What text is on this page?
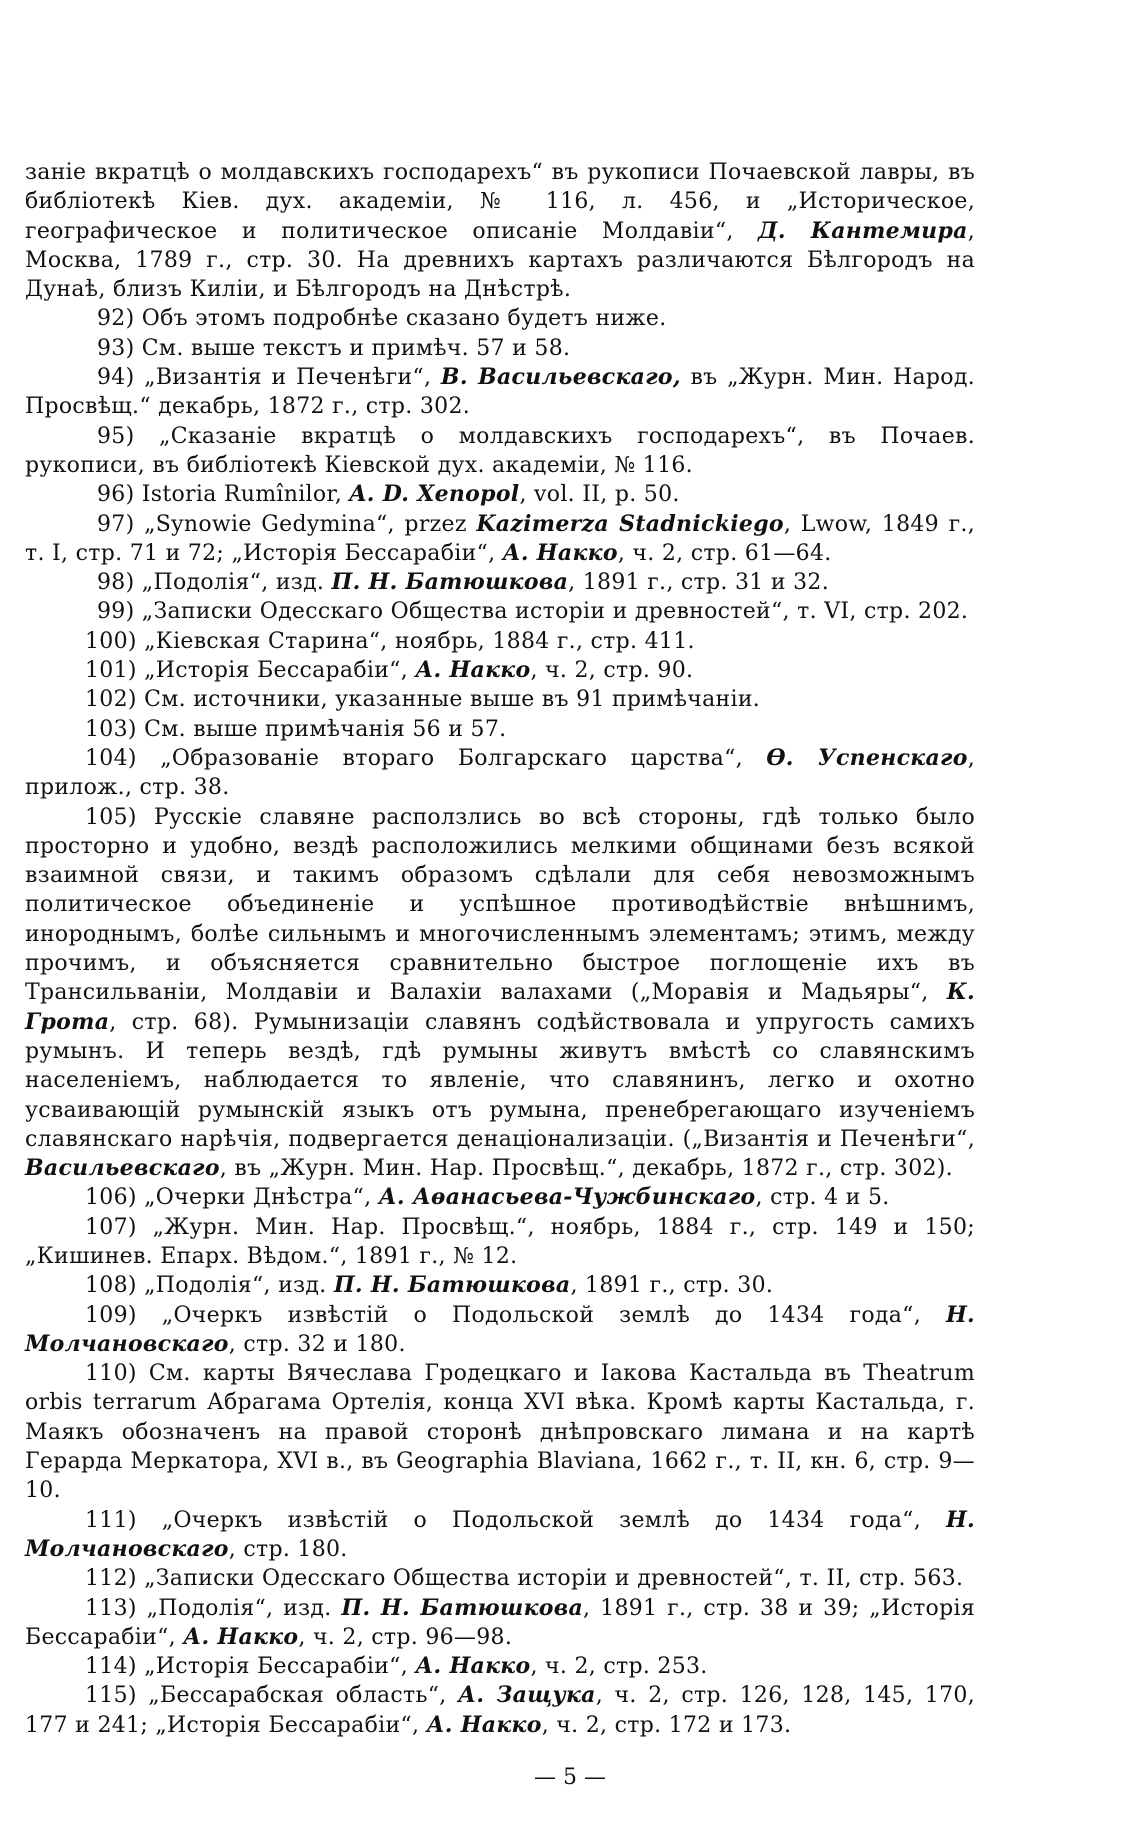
заніе вкратцѣ о молдавскихъ господарехъ“ въ рукописи Почаевской лавры, въ библіотекѣ Кіев. дух. академіи, № 116, л. 456, и „Историческое, географическое и политическое описаніе Молдавіи“, Д. Кантемира, Москва, 1789 г., стр. 30. На древнихъ картахъ различаются Бѣлгородъ на Дунаѣ, близъ Киліи, и Бѣлгородъ на Днѣстрѣ.
92) Объ этомъ подробнѣе сказано будетъ ниже.
93) См. выше текстъ и примѣч. 57 и 58.
94) „Византія и Печенѣги“, В. Васильевскаго, въ „Журн. Мин. Народ. Просвѣщ.“ декабрь, 1872 г., стр. 302.
95) „Сказаніе вкратцѣ о молдавскихъ господарехъ“, въ Почаев. рукописи, въ библіотекѣ Кіевской дух. академіи, № 116.
96) Istoria Rumînilor, A. D. Xenopol, vol. II, p. 50.
97) „Synowie Gedymina“, przez Kazimerza Stadnickiego, Lwow, 1849 г., т. I, стр. 71 и 72; „Исторія Бессарабіи“, А. Накко, ч. 2, стр. 61—64.
98) „Подолія“, изд. П. Н. Батюшкова, 1891 г., стр. 31 и 32.
99) „Записки Одесскаго Общества исторіи и древностей“, т. VI, стр. 202.
100) „Кіевская Старина“, ноябрь, 1884 г., стр. 411.
101) „Исторія Бессарабіи“, А. Накко, ч. 2, стр. 90.
102) См. источники, указанные выше въ 91 примѣчаніи.
103) См. выше примѣчанія 56 и 57.
104) „Образованіе втораго Болгарскаго царства“, Ѳ. Успенскаго, прилож., стр. 38.
105) Русскіе славяне расползлись во всѣ стороны, гдѣ только было просторно и удобно, вездѣ расположились мелкими общинами безъ всякой взаимной связи, и такимъ образомъ сдѣлали для себя невозможнымъ политическое объединеніе и успѣшное противодѣйствіе внѣшнимъ, инороднымъ, болѣе сильнымъ и многочисленнымъ элементамъ; этимъ, между прочимъ, и объясняется сравнительно быстрое поглощеніе ихъ въ Трансильваніи, Молдавіи и Валахіи валахами („Моравія и Мадьяры“, К. Грота, стр. 68). Румынизаціи славянъ содѣйствовала и упругость самихъ румынъ. И теперь вездѣ, гдѣ румыны живутъ вмѣстѣ со славянскимъ населеніемъ, наблюдается то явленіе, что славянинъ, легко и охотно усваивающій румынскій языкъ отъ румына, пренебрегающаго изученіемъ славянскаго нарѣчія, подвергается денаціонализаціи. („Византія и Печенѣги“, Васильевскаго, въ „Журн. Мин. Нар. Просвѣщ.“, декабрь, 1872 г., стр. 302).
106) „Очерки Днѣстра“, А. Аѳанасьева-Чужбинскаго, стр. 4 и 5.
107) „Журн. Мин. Нар. Просвѣщ.“, ноябрь, 1884 г., стр. 149 и 150; „Кишинев. Епарх. Вѣдом.“, 1891 г., № 12.
108) „Подолія“, изд. П. Н. Батюшкова, 1891 г., стр. 30.
109) „Очеркъ извѣстій о Подольской землѣ до 1434 года“, Н. Молчановскаго, стр. 32 и 180.
110) См. карты Вячеслава Гродецкаго и Іакова Кастальда въ Theatrum orbis terrarum Абрагама Ортелія, конца XVI вѣка. Кромѣ карты Кастальда, г. Маякъ обозначенъ на правой сторонѣ днѣпровскаго лимана и на картѣ Герарда Меркатора, XVI в., въ Geographia Blaviana, 1662 г., т. II, кн. 6, стр. 9—10.
111) „Очеркъ извѣстій о Подольской землѣ до 1434 года“, Н. Молчановскаго, стр. 180.
112) „Записки Одесскаго Общества исторіи и древностей“, т. II, стр. 563.
113) „Подолія“, изд. П. Н. Батюшкова, 1891 г., стр. 38 и 39; „Исторія Бессарабіи“, А. Накко, ч. 2, стр. 96—98.
114) „Исторія Бессарабіи“, А. Накко, ч. 2, стр. 253.
115) „Бессарабская область“, А. Защука, ч. 2, стр. 126, 128, 145, 170, 177 и 241; „Исторія Бессарабіи“, А. Накко, ч. 2, стр. 172 и 173.
— 5 —
